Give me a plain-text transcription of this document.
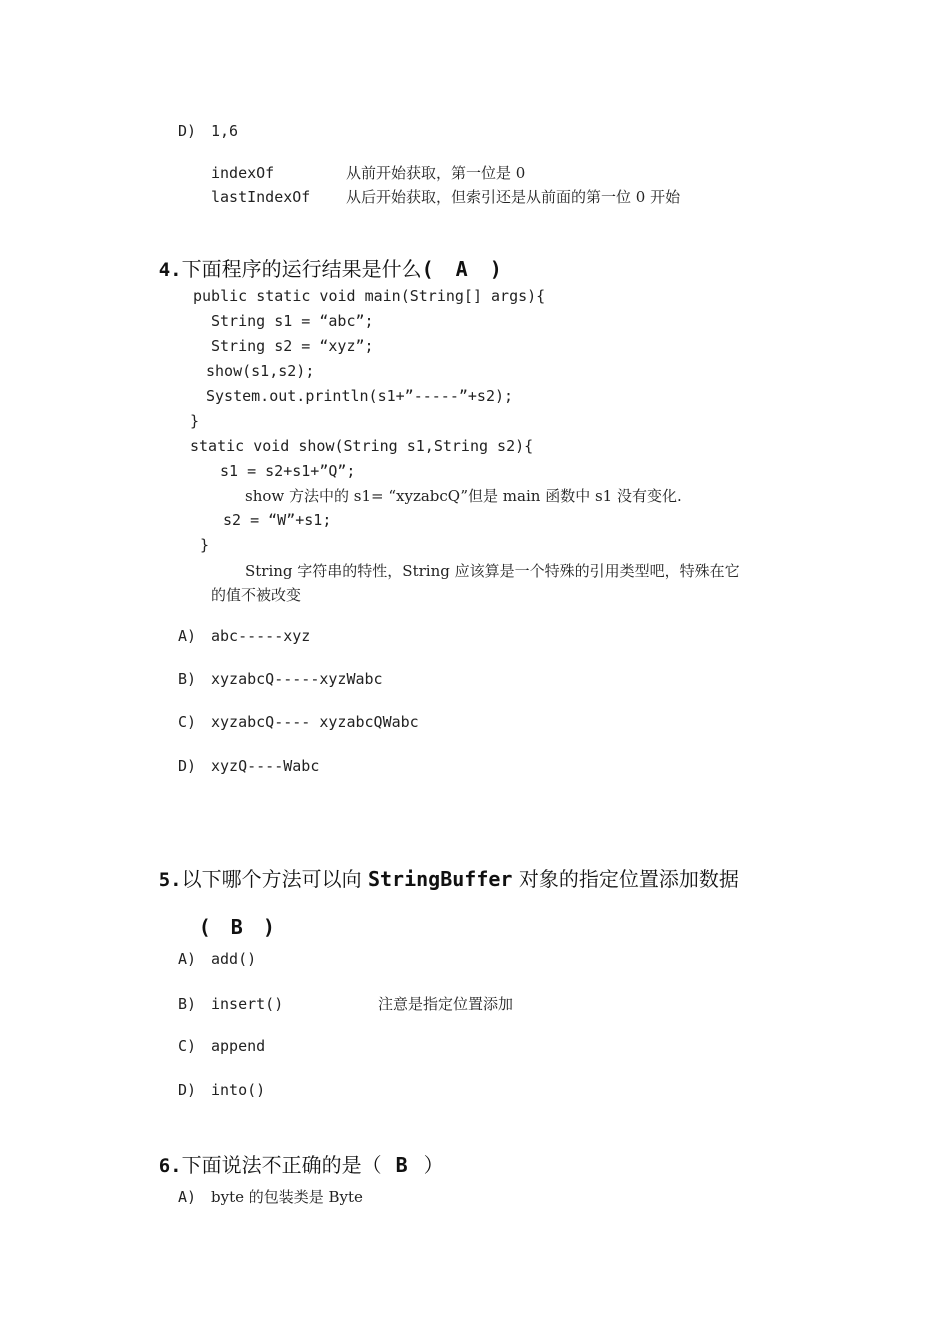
D) 1,6
indexOf	从前开始获取，第一位是 0
lastIndexOf 从后开始获取，但索引还是从前面的第一位 0 开始

4.下面程序的运行结果是什么( A )

public static void main(String[] args){
String s1 = “abc”;
String s2 = “xyz”;
show(s1,s2);
System.out.println(s1+”-----”+s2);
}
static void show(String s1,String s2){
s1 = s2+s1+”Q”;
show 方法中的 s1= “xyzabcQ”但是 main 函数中 s1 没有变化.
s2 = “W”+s1;
}
String 字符串的特性，String 应该算是一个特殊的引用类型吧，特殊在它
的值不被改变
A) abc-----xyz
B) xyzabcQ-----xyzWabc
C) xyzabcQ---- xyzabcQWabc
D) xyzQ----Wabc

5.以下哪个方法可以向 StringBuffer 对象的指定位置添加数据

( B )

A) add()
B) insert()	注意是指定位置添加
C) append
D) into()

6.下面说法不正确的是（ B ）

A) byte 的包装类是 Byte
